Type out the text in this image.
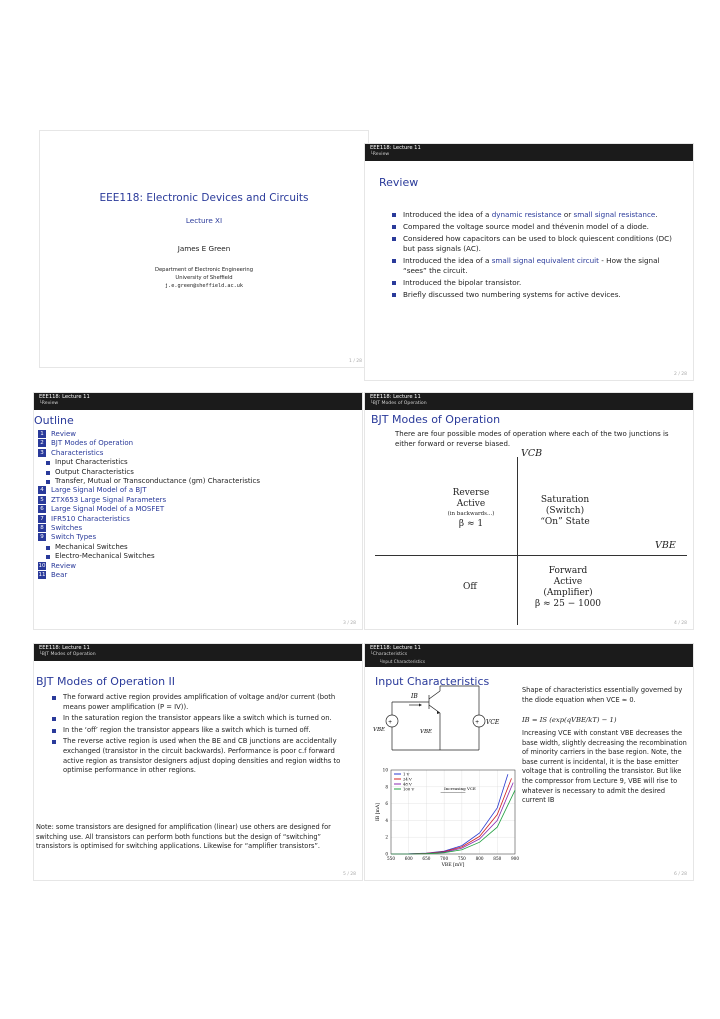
EEE118: Electronic Devices and Circuits
Lecture XI
James E Green
Department of Electronic Engineering
University of Sheffield
j.e.green@sheffield.ac.uk
1 / 28
EEE118: Lecture 11
└Review
Review
Introduced the idea of a dynamic resistance or small signal resistance.
Compared the voltage source model and thévenin model of a diode.
Considered how capacitors can be used to block quiescent conditions (DC) but pass signals (AC).
Introduced the idea of a small signal equivalent circuit - How the signal “sees” the circuit.
Introduced the bipolar transistor.
Briefly discussed two numbering systems for active devices.
2 / 28
EEE118: Lecture 11
└Review
Outline
1 Review
2 BJT Modes of Operation
3 Characteristics
Input Characteristics
Output Characteristics
Transfer, Mutual or Transconductance (gm) Characteristics
4 Large Signal Model of a BJT
5 ZTX653 Large Signal Parameters
6 Large Signal Model of a MOSFET
7 IFR510 Characteristics
8 Switches
9 Switch Types
Mechanical Switches
Electro-Mechanical Switches
10 Review
11 Bear
3 / 28
EEE118: Lecture 11
└BJT Modes of Operation
BJT Modes of Operation
There are four possible modes of operation where each of the two junctions is either forward or reverse biased.
VCB
VBE
Reverse
Active
(in backwards...)
β ≈ 1
Saturation
(Switch)
“On” State
Off
Forward
Active
(Amplifier)
β ≈ 25 − 1000
4 / 28
EEE118: Lecture 11
└BJT Modes of Operation
BJT Modes of Operation II
The forward active region provides amplification of voltage and/or current (both means power amplification (P = IV)).
In the saturation region the transistor appears like a switch which is turned on.
In the ‘off’ region the transistor appears like a switch which is turned off.
The reverse active region is used when the BE and CB junctions are accidentally exchanged (transistor in the circuit backwards). Performance is poor c.f forward active region as transistor designers adjust doping densities and region widths to optimise performance in other regions.
Note: some transistors are designed for amplification (linear) use others are designed for switching use. All transistors can perform both functions but the design of “switching” transistors is optimised for switching applications. Likewise for “amplifier transistors”.
5 / 28
EEE118: Lecture 11
└Characteristics
└Input Characteristics
Input Characteristics
+	+
IB
VCE
VBE	VBE
550 600 650 700 750 800 850 900
0
2
4
6
8
10
VBE [mV]
IB [mA]
1 V
24 V
48 V
100 V	Increasing VCE
Shape of characteristics essentially governed by the diode equation when VCE ≈ 0.
IB = IS (exp(qVBE/kT) − 1)
Increasing VCE with constant VBE decreases the base width, slightly decreasing the recombination of minority carriers in the base region. Note, the base current is incidental, it is the base emitter voltage that is controlling the transistor. But like the compressor from Lecture 9, VBE will rise to whatever is necessary to admit the desired current IB
6 / 28
